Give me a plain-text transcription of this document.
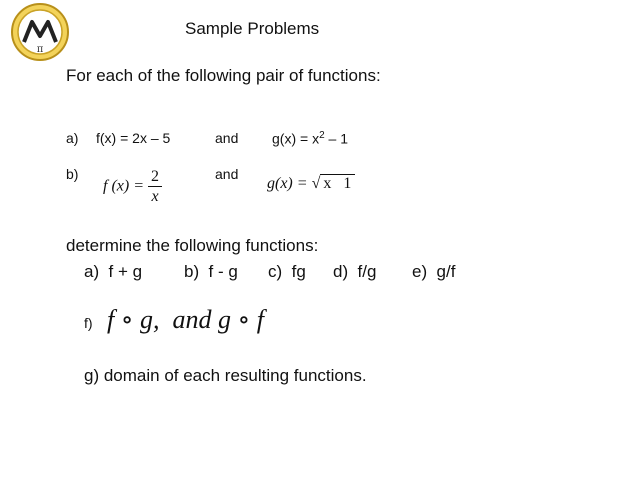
π
Sample Problems
For each of the following pair of functions:
a) f(x) = 2x – 5	and $g(x) = x^2 - 1$
b)
f $(x) = \frac{2}{x}$	and
g(x) = √ x   1
determine the following functions:
a)  f + g b)  f - g c)  fg d)  f/g e)  g/f
f) f ∘ g,  and g ∘ f
g) domain of each resulting functions.
